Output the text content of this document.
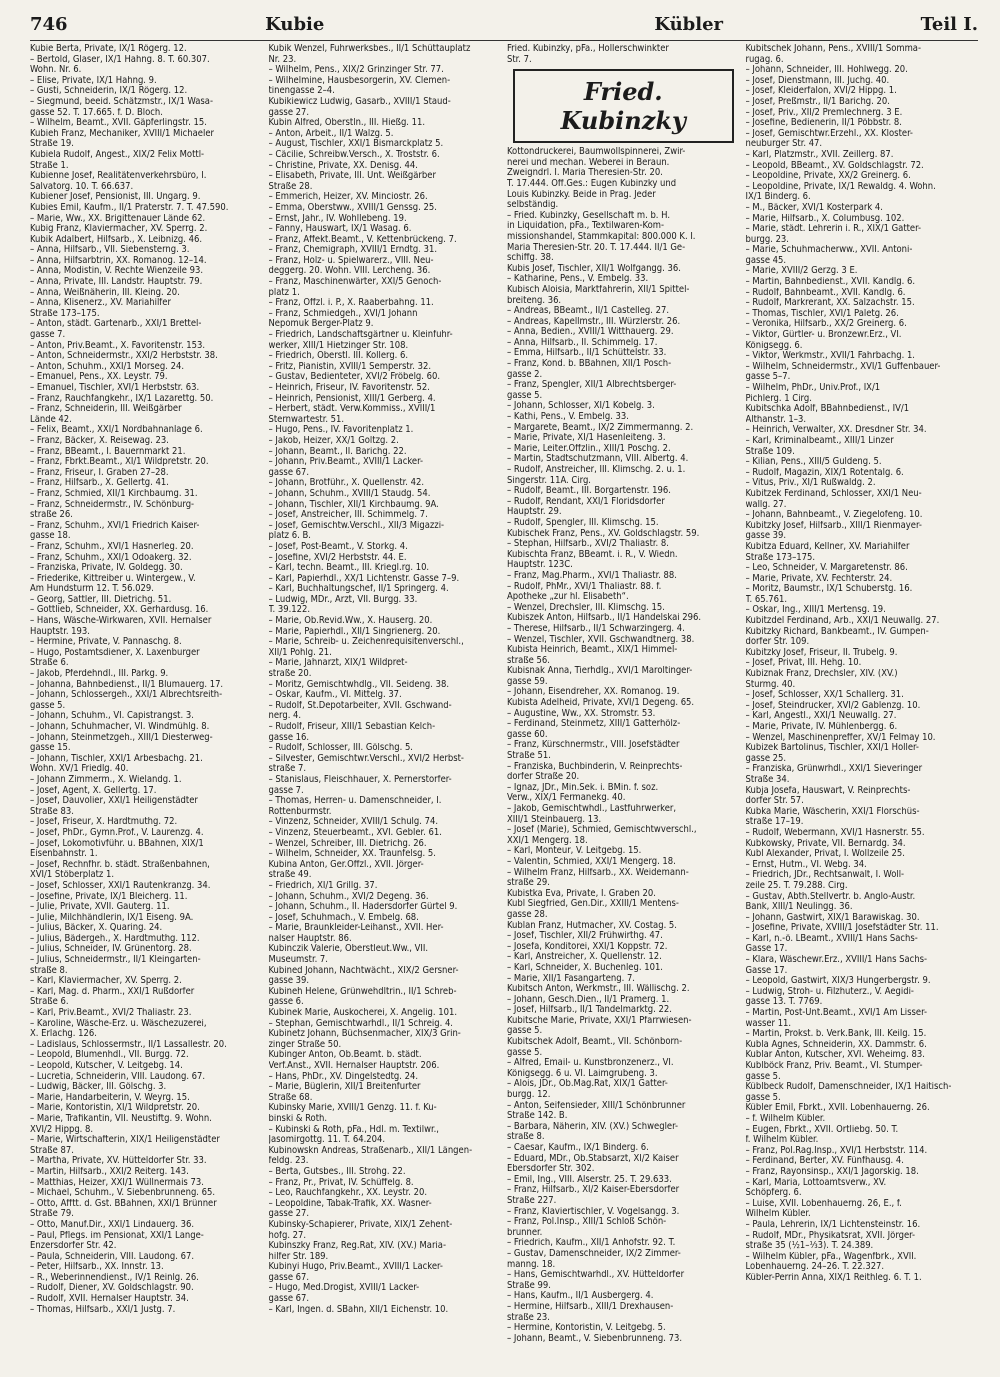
746	Kubie	Kübler	Teil I.
Kubie Berta, Private, IX/1 Rögerg. 12.
– Bertold, Glaser, IX/1 Hahng. 8. T. 60.307.
Wohn. Nr. 6.
– Elise, Private, IX/1 Hahng. 9.
– Gusti, Schneiderin, IX/1 Rögerg. 12.
– Siegmund, beeid. Schätzmstr., IX/1 Wasa-
gasse 52. T. 17.665. f. D. Bloch.
– Wilhelm, Beamt., XVII. Gäpferlingstr. 15.
Kubieh Franz, Mechaniker, XVIII/1 Michaeler
Straße 19.
Kubiela Rudolf, Angest., XIX/2 Felix Mottl-
Straße 1.
Kubienne Josef, Realitätenverkehrsbüro, I.
Salvatorg. 10. T. 66.637.
Kubiener Josef, Pensionist, III. Ungarg. 9.
Kubies Emil, Kaufm., II/1 Praterstr. 7. T. 47.590.
– Marie, Ww., XX. Brigittenauer Lände 62.
Kubig Franz, Klaviermacher, XV. Sperrg. 2.
Kubik Adalbert, Hilfsarb., X. Leibnizg. 46.
– Anna, Hilfsarb., VII. Siebensterng. 3.
– Anna, Hilfsarbtrin, XX. Romanog. 12–14.
– Anna, Modistin, V. Rechte Wienzeile 93.
– Anna, Private, III. Landstr. Hauptstr. 79.
– Anna, Weißnäherin, III. Kleing. 20.
– Anna, Klisenerz., XV. Mariahilfer
Straße 173–175.
– Anton, städt. Gartenarb., XXI/1 Brettel-
gasse 7.
– Anton, Priv.Beamt., X. Favoritenstr. 153.
– Anton, Schneidermstr., XXI/2 Herbststr. 38.
– Anton, Schuhm., XXI/1 Morseg. 24.
– Emanuel, Pens., XX. Leystr. 79.
– Emanuel, Tischler, XVI/1 Herbststr. 63.
– Franz, Rauchfangkehr., IX/1 Lazarettg. 50.
– Franz, Schneiderin, III. Weißgärber
Lände 42.
– Felix, Beamt., XXI/1 Nordbahnanlage 6.
– Franz, Bäcker, X. Reisewag. 23.
– Franz, BBeamt., I. Bauernmarkt 21.
– Franz, Fbrkt.Beamt., XI/1 Wildpretstr. 20.
– Franz, Friseur, I. Graben 27–28.
– Franz, Hilfsarb., X. Gellertg. 41.
– Franz, Schmied, XII/1 Kirchbaumg. 31.
– Franz, Schneidermstr., IV. Schönburg-
straße 26.
– Franz, Schuhm., XVI/1 Friedrich Kaiser-
gasse 18.
– Franz, Schuhm., XVI/1 Hasnerleg. 20.
– Franz, Schuhm., XXI/1 Odoakerg. 32.
– Franziska, Private, IV. Goldegg. 30.
– Friederike, Kittreiber u. Wintergew., V.
Am Hundsturm 12. T. 56.029.
– Georg, Sattler, III. Dietrichg. 51.
– Gottlieb, Schneider, XX. Gerhardusg. 16.
– Hans, Wäsche-Wirkwaren, XVII. Hernalser
Hauptstr. 193.
– Hermine, Private, V. Pannaschg. 8.
– Hugo, Postamtsdiener, X. Laxenburger
Straße 6.
– Jakob, Pferdehndl., III. Parkg. 9.
– Johanna, Bahnbedienst., II/1 Blumauerg. 17.
– Johann, Schlossergeh., XXI/1 Albrechtsreith-
gasse 5.
– Johann, Schuhm., VI. Capistrangst. 3.
– Johann, Schuhmacher, VI. Windmühlg. 8.
– Johann, Steinmetzgeh., XIII/1 Diesterweg-
gasse 15.
– Johann, Tischler, XXI/1 Arbesbachg. 21.
Wohn. XV/1 Friedlg. 40.
– Johann Zimmerm., X. Wielandg. 1.
– Josef, Agent, X. Gellertg. 17.
– Josef, Dauvolier, XXI/1 Heiligenstädter
Straße 83.
– Josef, Friseur, X. Hardtmuthg. 72.
– Josef, PhDr., Gymn.Prof., V. Laurenzg. 4.
– Josef, Lokomotivführ. u. BBahnen, XIX/1
Eisenbahnstr. 1.
– Josef, Rechnfhr. b. städt. Straßenbahnen,
XVI/1 Stöberplatz 1.
– Josef, Schlosser, XXI/1 Rautenkranzg. 34.
– Josefine, Private, IX/1 Bleicherg. 11.
– Julie, Private, XVII. Gauterg. 11.
– Julie, Milchhändlerin, IX/1 Eiseng. 9A.
– Julius, Bäcker, X. Quaring. 24.
– Julius, Bädergeh., X. Hardtmuthg. 112.
– Julius, Schneider, IV. Grünentorg. 28.
– Julius, Schneidermstr., II/1 Kleingarten-
straße 8.
– Karl, Klaviermacher, XV. Sperrg. 2.
– Karl, Mag. d. Pharm., XXI/1 Rußdorfer
Straße 6.
– Karl, Priv.Beamt., XVI/2 Thaliastr. 23.
– Karoline, Wäsche-Erz. u. Wäschezuzerei,
X. Erlachg. 126.
– Ladislaus, Schlossermstr., II/1 Lassallestr. 20.
– Leopold, Blumenhdl., VII. Burgg. 72.
– Leopold, Kutscher, V. Leitgebg. 14.
– Lucretia, Schneiderin, VIII. Laudong. 67.
– Ludwig, Bäcker, III. Gölschg. 3.
– Marie, Handarbeiterin, V. Weyrg. 15.
– Marie, Kontoristin, XI/1 Wildpretstr. 20.
– Marie, Trafikantin, VII. Neustiftg. 9. Wohn.
XVI/2 Hippg. 8.
– Marie, Wirtschafterin, XIX/1 Heiligenstädter
Straße 87.
– Martha, Private, XV. Hütteldorfer Str. 33.
– Martin, Hilfsarb., XXI/2 Reiterg. 143.
– Matthias, Heizer, XXI/1 Wüllnermais 73.
– Michael, Schuhm., V. Siebenbrunneng. 65.
– Otto, Afftt. d. Gst. BBahnen, XXI/1 Brünner
Straße 79.
– Otto, Manuf.Dir., XXI/1 Lindauerg. 36.
– Paul, Pflegs. im Pensionat, XXI/1 Lange-
Enzersdorfer Str. 42.
– Paula, Schneiderin, VIII. Laudong. 67.
– Peter, Hilfsarb., XX. Innstr. 13.
– R., Weberinnendienst., IV/1 Reinlg. 26.
– Rudolf, Diener, XV. Goldschlagstr. 90.
– Rudolf, XVII. Hernalser Hauptstr. 34.
– Thomas, Hilfsarb., XXI/1 Justg. 7.
Kubik Wenzel, Fuhrwerksbes., II/1 Schüttauplatz
Nr. 23.
– Wilhelm, Pens., XIX/2 Grinzinger Str. 77.
– Wilhelmine, Hausbesorgerin, XV. Clemen-
tinengasse 2–4.
Kubikiewicz Ludwig, Gasarb., XVIII/1 Staud-
gasse 27.
Kubin Alfred, Oberstln., III. Hießg. 11.
– Anton, Arbeit., II/1 Walzg. 5.
– August, Tischler, XXI/1 Bismarckplatz 5.
– Cäcilie, Schreibw.Versch., X. Troststr. 6.
– Christine, Private, XX. Denisg. 44.
– Elisabeth, Private, III. Unt. Weißgärber
Straße 28.
– Emmerich, Heizer, XV. Minciostr. 26.
– Emma, Oberstww., XVIII/1 Genssg. 25.
– Ernst, Jahr., IV. Wohllebeng. 19.
– Fanny, Hauswart, IX/1 Wasag. 6.
– Franz, Affekt.Beamt., V. Kettenbrückeng. 7.
– Franz, Chemigraph, XVIII/1 Erndtg. 31.
– Franz, Holz- u. Spielwarerz., VIII. Neu-
deggerg. 20. Wohn. VIII. Lercheng. 36.
– Franz, Maschinenwärter, XXI/5 Genoch-
platz 1.
– Franz, Offzl. i. P., X. Raaberbahng. 11.
– Franz, Schmiedgeh., XVI/1 Johann
Nepomuk Berger-Platz 9.
– Friedrich, Landschaftsgärtner u. Kleinfuhr-
werker, XIII/1 Hietzinger Str. 108.
– Friedrich, Oberstl. III. Kollerg. 6.
– Fritz, Pianistin, XVIII/1 Semperstr. 32.
– Gustav, Bedienteter, XVI/2 Fröbelg. 60.
– Heinrich, Friseur, IV. Favoritenstr. 52.
– Heinrich, Pensionist, XIII/1 Gerberg. 4.
– Herbert, städt. Verw.Kommiss., XVIII/1
Sternwartestr. 51.
– Hugo, Pens., IV. Favoritenplatz 1.
– Jakob, Heizer, XX/1 Goltzg. 2.
– Johann, Beamt., II. Barichg. 22.
– Johann, Priv.Beamt., XVIII/1 Lacker-
gasse 67.
– Johann, Brotführ., X. Quellenstr. 42.
– Johann, Schuhm., XVIII/1 Staudg. 54.
– Johann, Tischler, XII/1 Kirchbaumg. 9A.
– Josef, Anstreicher, III. Schimmelg. 7.
– Josef, Gemischtw.Verschl., XII/3 Migazzi-
platz 6. B.
– Josef, Post-Beamt., V. Storkg. 4.
– Josefine, XVI/2 Herbststr. 44. E.
– Karl, techn. Beamt., III. Kriegl.rg. 10.
– Karl, Papierhdl., XX/1 Lichtenstr. Gasse 7–9.
– Karl, Buchhaltungschef, II/1 Springerg. 4.
– Ludwig, MDr., Arzt, VII. Burgg. 33.
T. 39.122.
– Marie, Ob.Revid.Ww., X. Hauserg. 20.
– Marie, Papierhdl., XII/1 Singrienerg. 20.
– Marie, Schreib- u. Zeichenrequisitenverschl.,
XII/1 Pohlg. 21.
– Marie, Jahnarzt, XIX/1 Wildpret-
straße 20.
– Moritz, Gemischtwhdlg., VII. Seideng. 38.
– Oskar, Kaufm., VI. Mittelg. 37.
– Rudolf, St.Depotarbeiter, XVII. Gschwand-
nerg. 4.
– Rudolf, Friseur, XIII/1 Sebastian Kelch-
gasse 16.
– Rudolf, Schlosser, III. Gölschg. 5.
– Silvester, Gemischtwr.Verschl., XVI/2 Herbst-
straße 7.
– Stanislaus, Fleischhauer, X. Pernerstorfer-
gasse 7.
– Thomas, Herren- u. Damenschneider, I.
Rottenburmstr.
– Vinzenz, Schneider, XVIII/1 Schulg. 74.
– Vinzenz, Steuerbeamt., XVI. Gebler. 61.
– Wenzel, Schreiber, III. Dietrichg. 26.
– Wilhelm, Schneider, XX. Traunfelsg. 5.
Kubina Anton, Ger.Offzl., XVII. Jörger-
straße 49.
– Friedrich, XI/1 Grillg. 37.
– Johann, Schuhm., XVI/2 Degeng. 36.
– Johann, Schuhm., II. Hadersdorfer Gürtel 9.
– Josef, Schuhmach., V. Embelg. 68.
– Marie, Braunkleider-Leihanst., XVII. Her-
nalser Hauptstr. 86.
Kubinczik Valerie, Oberstleut.Ww., VII.
Museumstr. 7.
Kubined Johann, Nachtwächt., XIX/2 Gersner-
gasse 39.
Kubineh Helene, Grünwehdltrin., II/1 Schreb-
gasse 6.
Kubinek Marie, Auskocherei, X. Angelig. 101.
– Stephan, Gemischtwarhdl., II/1 Schreig. 4.
Kubinetz Johann, Büchsenmacher, XIX/3 Grin-
zinger Straße 50.
Kubinger Anton, Ob.Beamt. b. städt.
Verf.Anst., XVII. Hernalser Hauptstr. 206.
– Hans, PhDr., XV. Dingelstedtg. 24.
– Marie, Büglerin, XII/1 Breitenfurter
Straße 68.
Kubinsky Marie, XVIII/1 Genzg. 11. f. Ku-
binski & Roth.
– Kubinski & Roth, pFa., Hdl. m. Textilwr.,
Jasomirgottg. 11. T. 64.204.
Kubinowskn Andreas, Straßenarb., XII/1 Längen-
feldg. 23.
– Berta, Gutsbes., III. Strohg. 22.
– Franz, Pr., Privat, IV. Schüffelg. 8.
– Leo, Rauchfangkehr., XX. Leystr. 20.
– Leopoldine, Tabak-Trafik, XX. Wasner-
gasse 27.
Kubinsky-Schapierer, Private, XIX/1 Zehent-
hofg. 27.
Kubinszky Franz, Reg.Rat, XIV. (XV.) Maria-
hilfer Str. 189.
Kubinyi Hugo, Priv.Beamt., XVIII/1 Lacker-
gasse 67.
– Hugo, Med.Drogist, XVIII/1 Lacker-
gasse 67.
– Karl, Ingen. d. SBahn, XII/1 Eichenstr. 10.
Fried. Kubinzky, pFa., Hollerschwinkter
Str. 7.
Fried. Kubinzky
Kottondruckerei, Baumwollspinnerei, Zwir-
nerei und mechan. Weberei in Beraun.
Zweigndrl. I. Maria Theresien-Str. 20.
T. 17.444. Off.Ges.: Eugen Kubinzky und
Louis Kubinzky. Beide in Prag. Jeder
selbständig.
– Fried. Kubinzky, Gesellschaft m. b. H.
in Liquidation, pFa., Textilwaren-Kom-
missionshandel, Stammkapital: 800.000 K. I.
Maria Theresien-Str. 20. T. 17.444. II/1 Ge-
schiffg. 38.
Kubis Josef, Tischler, XII/1 Wolfgangg. 36.
– Katharine, Pens., V. Embelg. 33.
Kubisch Aloisia, Marktfahrerin, XII/1 Spittel-
breiteng. 36.
– Andreas, BBeamt., II/1 Castelleg. 27.
– Andreas, Kapellmstr., III. Würzlerstr. 26.
– Anna, Bedien., XVIII/1 Witthauerg. 29.
– Anna, Hilfsarb., II. Schimmelg. 17.
– Emma, Hilfsarb., II/1 Schüttelstr. 33.
– Franz, Kond. b. BBahnen, XII/1 Posch-
gasse 2.
– Franz, Spengler, XII/1 Albrechtsberger-
gasse 5.
– Johann, Schlosser, XI/1 Kobelg. 3.
– Kathi, Pens., V. Embelg. 33.
– Margarete, Beamt., IX/2 Zimmermanng. 2.
– Marie, Private, XI/1 Hasenleiteng. 3.
– Marie, Leiter.Offzlin., XIII/1 Poschg. 2.
– Martin, Stadtschutzmann, VIII. Albertg. 4.
– Rudolf, Anstreicher, III. Klimschg. 2. u. 1.
Singerstr. 11A. Cirg.
– Rudolf, Beamt., III. Borgartenstr. 196.
– Rudolf, Rendant, XXI/1 Floridsdorfer
Hauptstr. 29.
– Rudolf, Spengler, III. Klimschg. 15.
Kubischek Franz, Pens., XV. Goldschlagstr. 59.
– Stephan, Hilfsarb., XVI/2 Thaliastr. 8.
Kubischta Franz, BBeamt. i. R., V. Wiedn.
Hauptstr. 123C.
– Franz, Mag.Pharm., XVI/1 Thaliastr. 88.
– Rudolf, PhMr., XVI/1 Thaliastr. 88. f.
Apotheke „zur hl. Elisabeth“.
– Wenzel, Drechsler, III. Klimschg. 15.
Kubiszek Anton, Hilfsarb., II/1 Handelskai 296.
– Therese, Hilfsarb., II/1 Schwarzingerg. 4.
– Wenzel, Tischler, XVII. Gschwandtnerg. 38.
Kubista Heinrich, Beamt., XIX/1 Himmel-
straße 56.
Kubisnak Anna, Tierhdlg., XVI/1 Maroltinger-
gasse 59.
– Johann, Eisendreher, XX. Romanog. 19.
Kubista Adelheid, Private, XVI/1 Degeng. 65.
– Augustine, Ww., XX. Stromstr. 53.
– Ferdinand, Steinmetz, XIII/1 Gatterhölz-
gasse 60.
– Franz, Kürschnermstr., VIII. Josefstädter
Straße 51.
– Franziska, Buchbinderin, V. Reinprechts-
dorfer Straße 20.
– Ignaz, JDr., Min.Sek. i. BMin. f. soz.
Verw., XIX/1 Fermanekg. 40.
– Jakob, Gemischtwhdl., Lastfuhrwerker,
XIII/1 Steinbauerg. 13.
– Josef (Marie), Schmied, Gemischtwverschl.,
XXI/1 Mengerg. 18.
– Karl, Monteur, V. Leitgebg. 15.
– Valentin, Schmied, XXI/1 Mengerg. 18.
– Wilhelm Franz, Hilfsarb., XX. Weidemann-
straße 29.
Kubistka Eva, Private, I. Graben 20.
Kubl Siegfried, Gen.Dir., XXIII/1 Mentens-
gasse 28.
Kublan Franz, Hutmacher, XV. Costag. 5.
– Josef, Tischler, XII/2 Frühwirthg. 47.
– Josefa, Konditorei, XXI/1 Koppstr. 72.
– Karl, Anstreicher, X. Quellenstr. 12.
– Karl, Schneider, X. Buchenleg. 101.
– Marie, XII/1 Fasangarteng. 7.
Kubitsch Anton, Werkmstr., III. Wällischg. 2.
– Johann, Gesch.Dien., II/1 Pramerg. 1.
– Josef, Hilfsarb., II/1 Tandelmarktg. 22.
Kubitsche Marie, Private, XXI/1 Pfarrwiesen-
gasse 5.
Kubitschek Adolf, Beamt., VII. Schönborn-
gasse 5.
– Alfred, Email- u. Kunstbronzenerz., VI.
Königsegg. 6 u. VI. Laimgrubeng. 3.
– Alois, JDr., Ob.Mag.Rat, XIX/1 Gatter-
burgg. 12.
– Anton, Seifensieder, XIII/1 Schönbrunner
Straße 142. B.
– Barbara, Näherin, XIV. (XV.) Schwegler-
straße 8.
– Caesar, Kaufm., IX/1 Binderg. 6.
– Eduard, MDr., Ob.Stabsarzt, XI/2 Kaiser
Ebersdorfer Str. 302.
– Emil, Ing., VIII. Alserstr. 25. T. 29.633.
– Franz, Hilfsarb., XI/2 Kaiser-Ebersdorfer
Straße 227.
– Franz, Klaviertischler, V. Vogelsangg. 3.
– Franz, Pol.Insp., XIII/1 Schloß Schön-
brunner.
– Friedrich, Kaufm., XII/1 Anhofstr. 92. T.
– Gustav, Damenschneider, IX/2 Zimmer-
manng. 18.
– Hans, Gemischtwarhdl., XV. Hütteldorfer
Straße 99.
– Hans, Kaufm., II/1 Ausbergerg. 4.
– Hermine, Hilfsarb., XIII/1 Drexhausen-
straße 23.
– Hermine, Kontoristin, V. Leitgebg. 5.
– Johann, Beamt., V. Siebenbrunneng. 73.
Kubitschek Johann, Pens., XVIII/1 Somma-
rugag. 6.
– Johann, Schneider, III. Hohlwegg. 20.
– Josef, Dienstmann, III. Juchg. 40.
– Josef, Kleiderfalon, XVI/2 Hippg. 1.
– Josef, Preßmstr., II/1 Barichg. 20.
– Josef, Priv., XII/2 Premlechnerg. 3 E.
– Josefine, Bedienerin, II/1 Pöbbstr. 8.
– Josef, Gemischtwr.Erzehl., XX. Kloster-
neuburger Str. 47.
– Karl, Platzmstr., XVII. Zeillerg. 87.
– Leopold, BBeamt., XV. Goldschlagstr. 72.
– Leopoldine, Private, XX/2 Greinerg. 6.
– Leopoldine, Private, IX/1 Rewaldg. 4. Wohn.
IX/1 Binderg. 6.
– M., Bäcker, XVI/1 Kosterpark 4.
– Marie, Hilfsarb., X. Columbusg. 102.
– Marie, städt. Lehrerin i. R., XIX/1 Gatter-
burgg. 23.
– Marie, Schuhmacherww., XVII. Antoni-
gasse 45.
– Marie, XVIII/2 Gerzg. 3 E.
– Martin, Bahnbedienst., XVII. Kandlg. 6.
– Rudolf, Bahnbeamt., XVII. Kandlg. 6.
– Rudolf, Markrerant, XX. Salzachstr. 15.
– Thomas, Tischler, XVI/1 Paletg. 26.
– Veronika, Hilfsarb., XX/2 Greinerg. 6.
– Viktor, Gürtler- u. Bronzewr.Erz., VI.
Königsegg. 6.
– Viktor, Werkmstr., XVII/1 Fahrbachg. 1.
– Wilhelm, Schneidermstr., XVI/1 Guffenbauer-
gasse 5–7.
– Wilhelm, PhDr., Univ.Prof., IX/1
Pichlerg. 1 Cirg.
Kubitschka Adolf, BBahnbedienst., IV/1
Althanstr. 1–3.
– Heinrich, Verwalter, XX. Dresdner Str. 34.
– Karl, Kriminalbeamt., XIII/1 Linzer
Straße 109.
– Kilian, Pens., XIII/5 Guldeng. 5.
– Rudolf, Magazin, XIX/1 Rotentalg. 6.
– Vitus, Priv., XI/1 Rußwaldg. 2.
Kubitzek Ferdinand, Schlosser, XXI/1 Neu-
wallg. 27.
– Johann, Bahnbeamt., V. Ziegelofeng. 10.
Kubitzky Josef, Hilfsarb., XIII/1 Rienmayer-
gasse 39.
Kubitza Eduard, Kellner, XV. Mariahilfer
Straße 173–175.
– Leo, Schneider, V. Margaretenstr. 86.
– Marie, Private, XV. Fechterstr. 24.
– Moritz, Baumstr., IX/1 Schuberstg. 16.
T. 65.761.
– Oskar, Ing., XIII/1 Mertensg. 19.
Kubitzdel Ferdinand, Arb., XXI/1 Neuwallg. 27.
Kubitzky Richard, Bankbeamt., IV. Gumpen-
dorfer Str. 109.
Kubitzky Josef, Friseur, II. Trubelg. 9.
– Josef, Privat, III. Hehg. 10.
Kubiznak Franz, Drechsler, XIV. (XV.)
Sturmg. 40.
– Josef, Schlosser, XX/1 Schallerg. 31.
– Josef, Steindrucker, XVI/2 Gablenzg. 10.
– Karl, Angestl., XXI/1 Neuwallg. 27.
– Marie, Private, IV. Mühlenbergg. 6.
– Wenzel, Maschinenpreffer, XV/1 Felmay 10.
Kubizek Bartolinus, Tischler, XXI/1 Holler-
gasse 25.
– Franziska, Grünwrhdl., XXI/1 Sieveringer
Straße 34.
Kubja Josefa, Hauswart, V. Reinprechts-
dorfer Str. 57.
Kubka Marie, Wäscherin, XXI/1 Florschüs-
straße 17–19.
– Rudolf, Webermann, XVI/1 Hasnerstr. 55.
Kubkowsky, Private, VII. Bernardg. 34.
Kubl Alexander, Privat, I. Wollzeile 25.
– Ernst, Hutm., VI. Webg. 34.
– Friedrich, JDr., Rechtsanwalt, I. Woll-
zeile 25. T. 79.288. Cirg.
– Gustav, Abth.Stellvertr. b. Anglo-Austr.
Bank, XIII/1 Neulingg. 36.
– Johann, Gastwirt, XIX/1 Barawiskag. 30.
– Josefine, Private, XVIII/1 Josefstädter Str. 11.
– Karl, n.-ö. LBeamt., XVIII/1 Hans Sachs-
Gasse 17.
– Klara, Wäschewr.Erz., XVIII/1 Hans Sachs-
Gasse 17.
– Leopold, Gastwirt, XIX/3 Hungerbergstr. 9.
– Ludwig, Stroh- u. Filzhuterz., V. Aegidi-
gasse 13. T. 7769.
– Martin, Post-Unt.Beamt., XVI/1 Am Lisser-
wasser 11.
– Martin, Prokst. b. Verk.Bank, III. Keilg. 15.
Kubla Agnes, Schneiderin, XX. Dammstr. 6.
Kublar Anton, Kutscher, XVI. Weheimg. 83.
Kublböck Franz, Priv. Beamt., VI. Stumper-
gasse 5.
Küblbeck Rudolf, Damenschneider, IX/1 Haitisch-
gasse 5.
Kübler Emil, Fbrkt., XVII. Lobenhauerng. 26.
– f. Wilhelm Kübler.
– Eugen, Fbrkt., XVII. Ortliebg. 50. T.
f. Wilhelm Kübler.
– Franz, Pol.Rag.Insp., XVI/1 Herbststr. 114.
– Ferdinand, Berter, XV. Fünfhausg. 4.
– Franz, Rayonsinsp., XXI/1 Jagorskig. 18.
– Karl, Maria, Lottoamtsverw., XV.
Schöpferg. 6.
– Luise, XVII. Lobenhauerng. 26, E., f.
Wilhelm Kübler.
– Paula, Lehrerin, IX/1 Lichtensteinstr. 16.
– Rudolf, MDr., Physikatsrat, XVII. Jörger-
straße 35 (½1–⅓3). T. 24.389.
– Wilhelm Kübler, pFa., Wagenfbrk., XVII.
Lobenhauerng. 24–26. T. 22.327.
Kübler-Perrin Anna, XIX/1 Reithleg. 6. T. 1.
